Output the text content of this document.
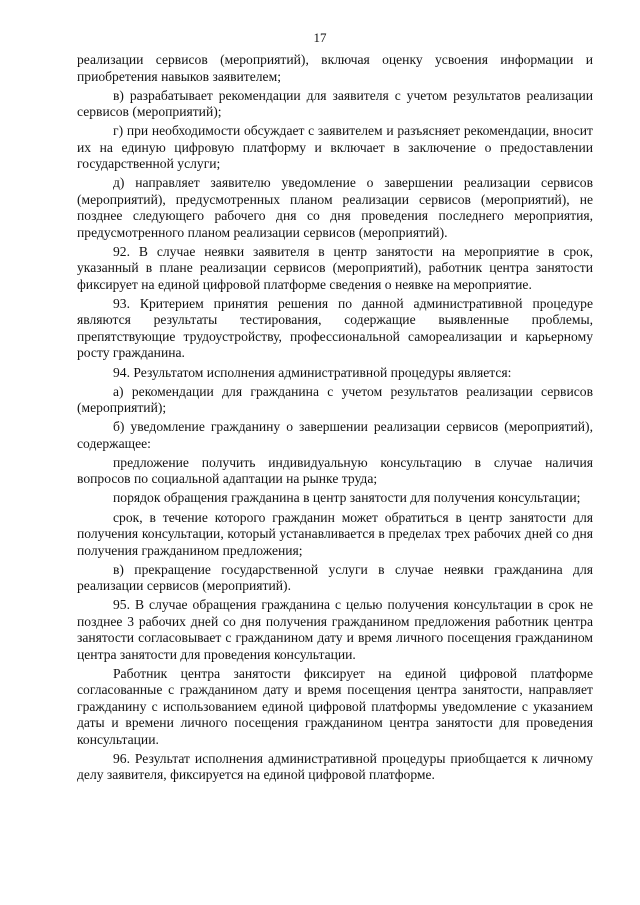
17

реализации сервисов (мероприятий), включая оценку усвоения информации и приобретения навыков заявителем;

в) разрабатывает рекомендации для заявителя с учетом результатов реализации сервисов (мероприятий);

г) при необходимости обсуждает с заявителем и разъясняет рекомендации, вносит их на единую цифровую платформу и включает в заключение о предоставлении государственной услуги;

д) направляет заявителю уведомление о завершении реализации сервисов (мероприятий), предусмотренных планом реализации сервисов (мероприятий), не позднее следующего рабочего дня со дня проведения последнего мероприятия, предусмотренного планом реализации сервисов (мероприятий).

92. В случае неявки заявителя в центр занятости на мероприятие в срок, указанный в плане реализации сервисов (мероприятий), работник центра занятости фиксирует на единой цифровой платформе сведения о неявке на мероприятие.

93. Критерием принятия решения по данной административной процедуре являются результаты тестирования, содержащие выявленные проблемы, препятствующие трудоустройству, профессиональной самореализации и карьерному росту гражданина.

94. Результатом исполнения административной процедуры является:

а) рекомендации для гражданина с учетом результатов реализации сервисов (мероприятий);

б) уведомление гражданину о завершении реализации сервисов (мероприятий), содержащее:

предложение получить индивидуальную консультацию в случае наличия вопросов по социальной адаптации на рынке труда;

порядок обращения гражданина в центр занятости для получения консультации;

срок, в течение которого гражданин может обратиться в центр занятости для получения консультации, который устанавливается в пределах трех рабочих дней со дня получения гражданином предложения;

в) прекращение государственной услуги в случае неявки гражданина для реализации сервисов (мероприятий).

95. В случае обращения гражданина с целью получения консультации в срок не позднее 3 рабочих дней со дня получения гражданином предложения работник центра занятости согласовывает с гражданином дату и время личного посещения гражданином центра занятости для проведения консультации.

Работник центра занятости фиксирует на единой цифровой платформе согласованные с гражданином дату и время посещения центра занятости, направляет гражданину с использованием единой цифровой платформы уведомление с указанием даты и времени личного посещения гражданином центра занятости для проведения консультации.

96. Результат исполнения административной процедуры приобщается к личному делу заявителя, фиксируется на единой цифровой платформе.
